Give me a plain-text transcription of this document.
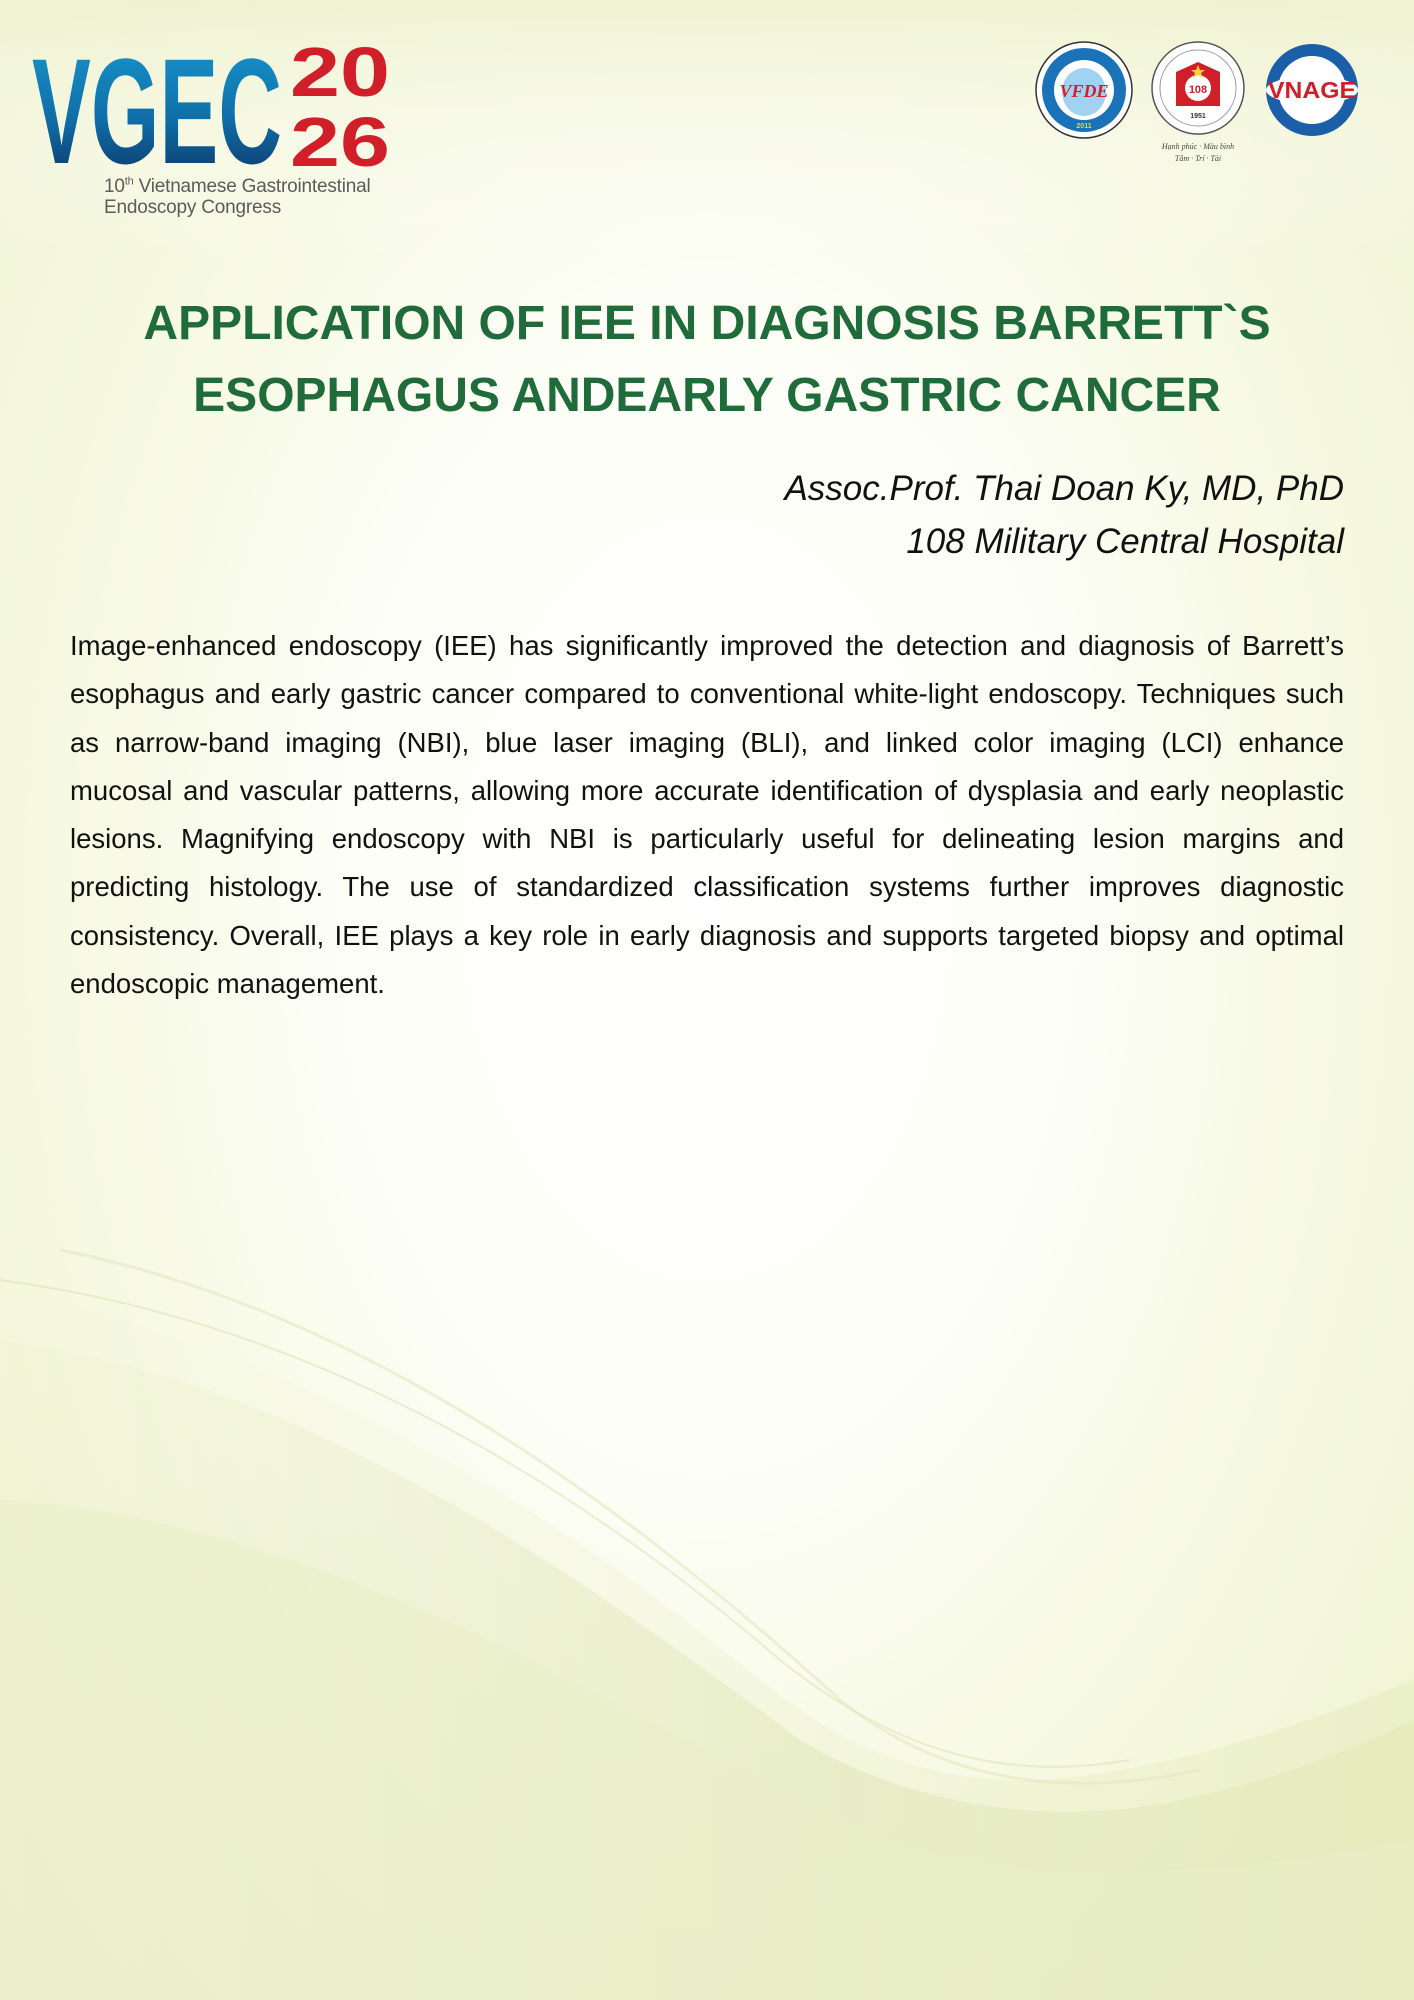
VGEC 20
26
10th Vietnamese Gastrointestinal
Endoscopy Congress
VFDE
2011
108
1951
Hạnh phúc · Màu bình
Tâm · Trí · Tài
VNAGE
APPLICATION OF IEE IN DIAGNOSIS BARRETT`S
ESOPHAGUS ANDEARLY GASTRIC CANCER
Assoc.Prof. Thai Doan Ky, MD, PhD
108 Military Central Hospital

Image-enhanced endoscopy (IEE) has significantly improved the detection and diagnosis of Barrett’s esophagus and early gastric cancer compared to conventional white-light endoscopy. Techniques such as narrow-band imaging (NBI), blue laser imaging (BLI), and linked color imaging (LCI) enhance mucosal and vascular patterns, allowing more accurate identification of dysplasia and early neoplastic lesions. Magnifying endoscopy with NBI is particularly useful for delineating lesion margins and predicting histology. The use of standardized classification systems further improves diagnostic consistency. Overall, IEE plays a key role in early diagnosis and supports targeted biopsy and optimal endoscopic management.
